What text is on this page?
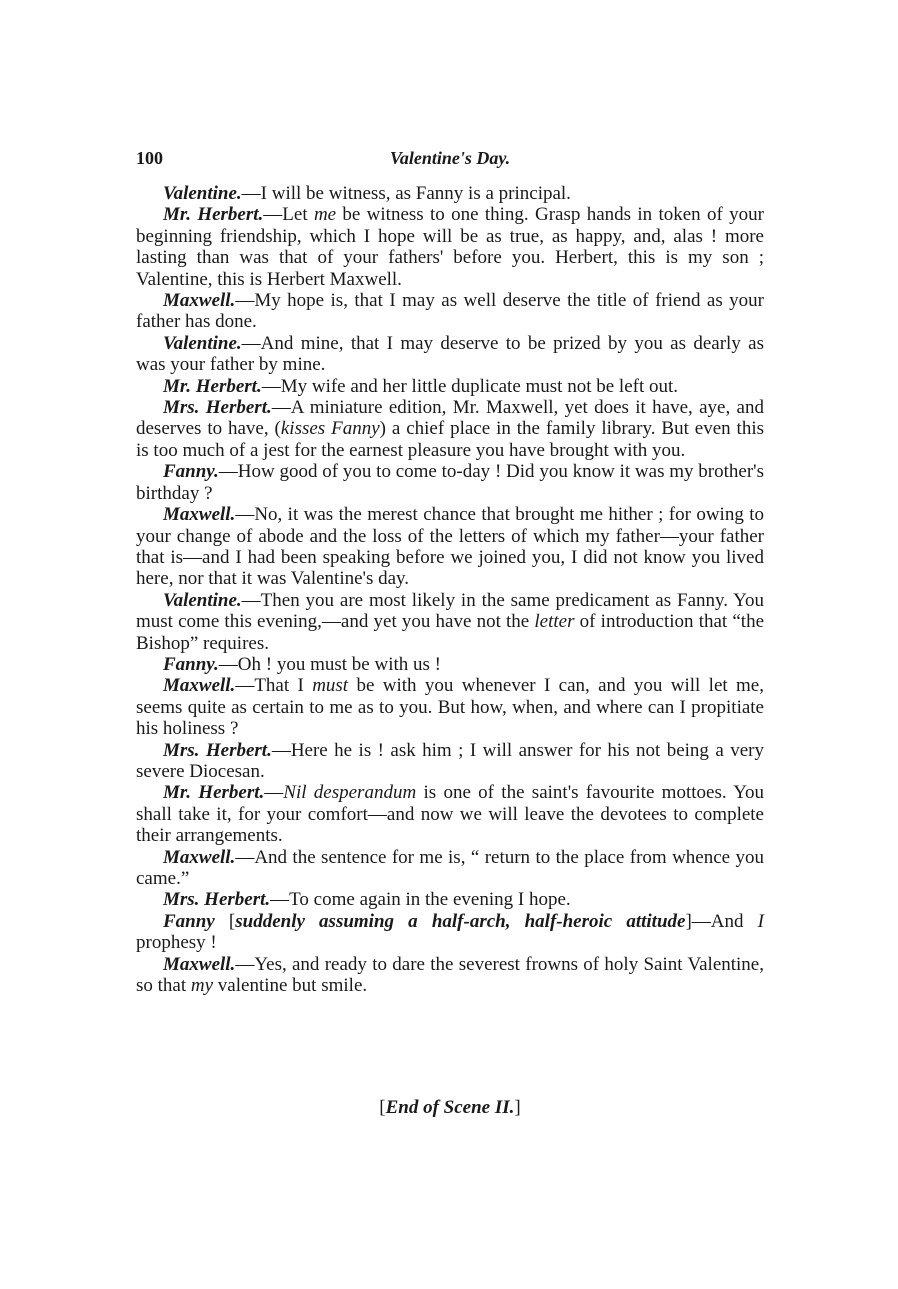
100	Valentine's Day.

Valentine.—I will be witness, as Fanny is a principal.

Mr. Herbert.—Let me be witness to one thing. Grasp hands in token of your beginning friendship, which I hope will be as true, as happy, and, alas ! more lasting than was that of your fathers' before you. Herbert, this is my son ; Valentine, this is Herbert Maxwell.

Maxwell.—My hope is, that I may as well deserve the title of friend as your father has done.

Valentine.—And mine, that I may deserve to be prized by you as dearly as was your father by mine.

Mr. Herbert.—My wife and her little duplicate must not be left out.

Mrs. Herbert.—A miniature edition, Mr. Maxwell, yet does it have, aye, and deserves to have, (kisses Fanny) a chief place in the family library. But even this is too much of a jest for the earnest pleasure you have brought with you.

Fanny.—How good of you to come to-day ! Did you know it was my brother's birthday ?

Maxwell.—No, it was the merest chance that brought me hither ; for owing to your change of abode and the loss of the letters of which my father—your father that is—and I had been speaking before we joined you, I did not know you lived here, nor that it was Valentine's day.

Valentine.—Then you are most likely in the same predicament as Fanny. You must come this evening,—and yet you have not the letter of introduction that “the Bishop” requires.

Fanny.—Oh ! you must be with us !

Maxwell.—That I must be with you whenever I can, and you will let me, seems quite as certain to me as to you. But how, when, and where can I propitiate his holiness ?

Mrs. Herbert.—Here he is ! ask him ; I will answer for his not being a very severe Diocesan.

Mr. Herbert.—Nil desperandum is one of the saint's favourite mottoes. You shall take it, for your comfort—and now we will leave the devotees to complete their arrangements.

Maxwell.—And the sentence for me is, “ return to the place from whence you came.”

Mrs. Herbert.—To come again in the evening I hope.

Fanny [suddenly assuming a half-arch, half-heroic attitude]—And I prophesy !

Maxwell.—Yes, and ready to dare the severest frowns of holy Saint Valentine, so that my valentine but smile.

[End of Scene II.]
